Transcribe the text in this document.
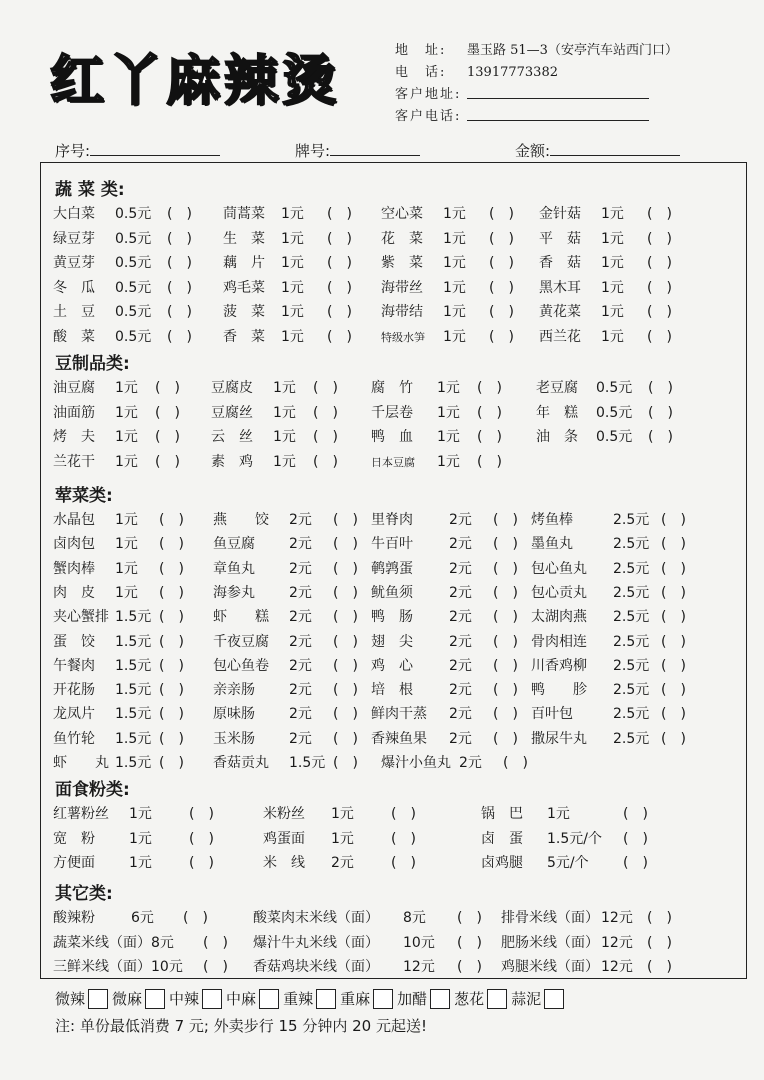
红丫麻辣烫	地　址:	墨玉路 51—3（安亭汽车站西门口）
电　话:	13917773382
客户地址:
客户电话:
序号:	牌号:	金额:
蔬 菜 类:
豆制品类:
荤菜类:
面食粉类:
其它类:
大白菜 0.5元 (　) 茼蒿菜 1元 (　) 空心菜 1元 (　) 金针菇 1元 (　)
绿豆芽 0.5元 (　) 生　菜 1元 (　) 花　菜 1元 (　) 平　菇 1元 (　)
黄豆芽 0.5元 (　) 藕　片 1元 (　) 紫　菜 1元 (　) 香　菇 1元 (　)
冬　瓜 0.5元 (　) 鸡毛菜 1元 (　) 海带丝 1元 (　) 黑木耳 1元 (　)
土　豆 0.5元 (　) 菠　菜 1元 (　) 海带结 1元 (　) 黄花菜 1元 (　)
酸　菜 0.5元 (　) 香　菜 1元 (　)	特级水笋 1元 (　) 西兰花 1元 (　)
油豆腐 1元 (　) 豆腐皮 1元 (　) 腐　竹 1元 (　) 老豆腐 0.5元 (　)
油面筋 1元 (　) 豆腐丝 1元 (　) 千层卷 1元 (　) 年　糕 0.5元 (　)
烤　夫 1元 (　) 云　丝 1元 (　) 鸭　血 1元 (　) 油　条 0.5元 (　)
兰花干 1元 (　) 素　鸡 1元 (　)	日本豆腐 1元 (　)
水晶包 1元 (　) 燕　　饺 2元 (　) 里脊肉	2元 (　) 烤鱼棒	2.5元 (　)
卤肉包 1元 (　) 鱼豆腐 2元 (　) 牛百叶	2元 (　) 墨鱼丸	2.5元 (　)
蟹肉棒 1元 (　) 章鱼丸 2元 (　) 鹌鹑蛋	2元 (　) 包心鱼丸 2.5元 (　)
肉　皮 1元 (　) 海参丸 2元 (　) 鱿鱼须	2元 (　) 包心贡丸 2.5元 (　)
夹心蟹排 1.5元 (　) 虾　　糕 2元 (　) 鸭　肠	2元 (　) 太湖肉燕 2.5元 (　)
蛋　饺 1.5元 (　) 千夜豆腐 2元 (　) 翅　尖	2元 (　) 骨肉相连 2.5元 (　)
午餐肉 1.5元 (　) 包心鱼卷 2元 (　) 鸡　心	2元 (　) 川香鸡柳 2.5元 (　)
开花肠 1.5元 (　) 亲亲肠 2元 (　) 培　根	2元 (　) 鸭　　胗 2.5元 (　)
龙凤片 1.5元 (　) 原味肠 2元 (　) 鲜肉干蒸 2元 (　) 百叶包	2.5元 (　)
鱼竹轮 1.5元 (　) 玉米肠 2元 (　) 香辣鱼果 2元 (　) 撒尿牛丸 2.5元 (　)
虾　　丸 1.5元 (　) 香菇贡丸 1.5元 (　) 爆汁小鱼丸 2元 (　)
红薯粉丝 1元	(　)	米粉丝 1元	(　)	锅　巴 1元	(　)
宽　粉 1元	(　)	鸡蛋面 1元	(　)	卤　蛋 1.5元/个 (　)
方便面 1元	(　)	米　线 2元	(　)	卤鸡腿 5元/个 (　)
酸辣粉	6元 (　)	酸菜肉末米线（面） 8元 (　) 排骨米线（面） 12元 (　)
蔬菜米线（面）8元 (　) 爆汁牛丸米线（面） 10元 (　) 肥肠米线（面） 12元 (　)
三鲜米线（面）10元 (　) 香菇鸡块米线（面） 12元 (　) 鸡腿米线（面） 12元 (　)
微辣 微麻 中辣 中麻 重辣 重麻 加醋 葱花 蒜泥
注: 单份最低消费 7 元; 外卖步行 15 分钟内 20 元起送!
